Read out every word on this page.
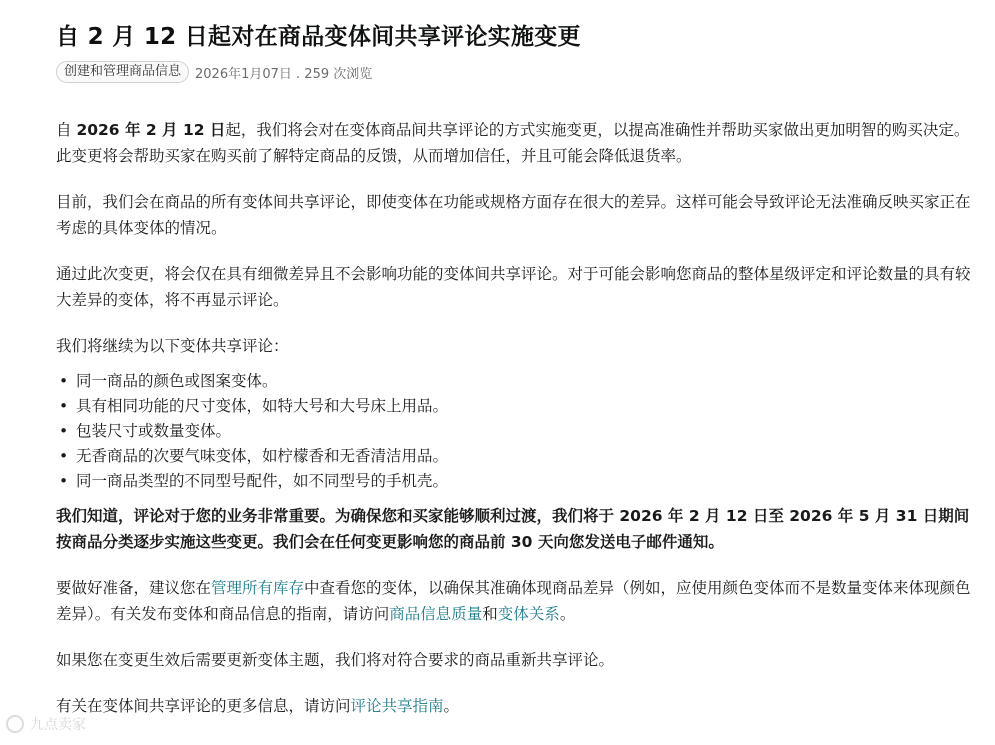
自 2 月 12 日起对在商品变体间共享评论实施变更
创建和管理商品信息	2026年1月07日 . 259 次浏览

自 2026 年 2 月 12 日起，我们将会对在变体商品间共享评论的方式实施变更，以提高准确性并帮助买家做出更加明智的购买决定。此变更将会帮助买家在购买前了解特定商品的反馈，从而增加信任，并且可能会降低退货率。

目前，我们会在商品的所有变体间共享评论，即使变体在功能或规格方面存在很大的差异。这样可能会导致评论无法准确反映买家正在考虑的具体变体的情况。

通过此次变更，将会仅在具有细微差异且不会影响功能的变体间共享评论。对于可能会影响您商品的整体星级评定和评论数量的具有较大差异的变体，将不再显示评论。

我们将继续为以下变体共享评论：

• 同一商品的颜色或图案变体。
• 具有相同功能的尺寸变体，如特大号和大号床上用品。
• 包装尺寸或数量变体。
• 无香商品的次要气味变体，如柠檬香和无香清洁用品。
• 同一商品类型的不同型号配件，如不同型号的手机壳。

我们知道，评论对于您的业务非常重要。为确保您和买家能够顺利过渡，我们将于 2026 年 2 月 12 日至 2026 年 5 月 31 日期间按商品分类逐步实施这些变更。我们会在任何变更影响您的商品前 30 天向您发送电子邮件通知。

要做好准备，建议您在管理所有库存中查看您的变体，以确保其准确体现商品差异（例如，应使用颜色变体而不是数量变体来体现颜色差异）。有关发布变体和商品信息的指南，请访问商品信息质量和变体关系。

如果您在变更生效后需要更新变体主题，我们将对符合要求的商品重新共享评论。

有关在变体间共享评论的更多信息，请访问评论共享指南。

九点卖家
